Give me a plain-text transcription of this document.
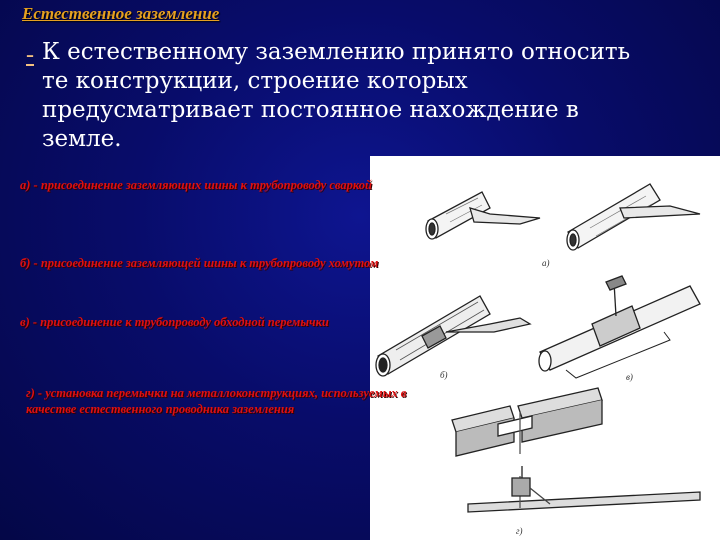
Естественное заземление
- К естественному заземлению принято относить те конструкции, строение которых предусматривает постоянное нахождение в земле.
а)
б)	в)
г)
а) - присоединение заземляющих шины к трубопроводу сваркой
б) - присоединение заземляющей шины к трубопроводу хомутом
в) - присоединение к трубопроводу обходной перемычки
г) - установка перемычки на металлоконструкциях, используемых в качестве естественного проводника заземления
